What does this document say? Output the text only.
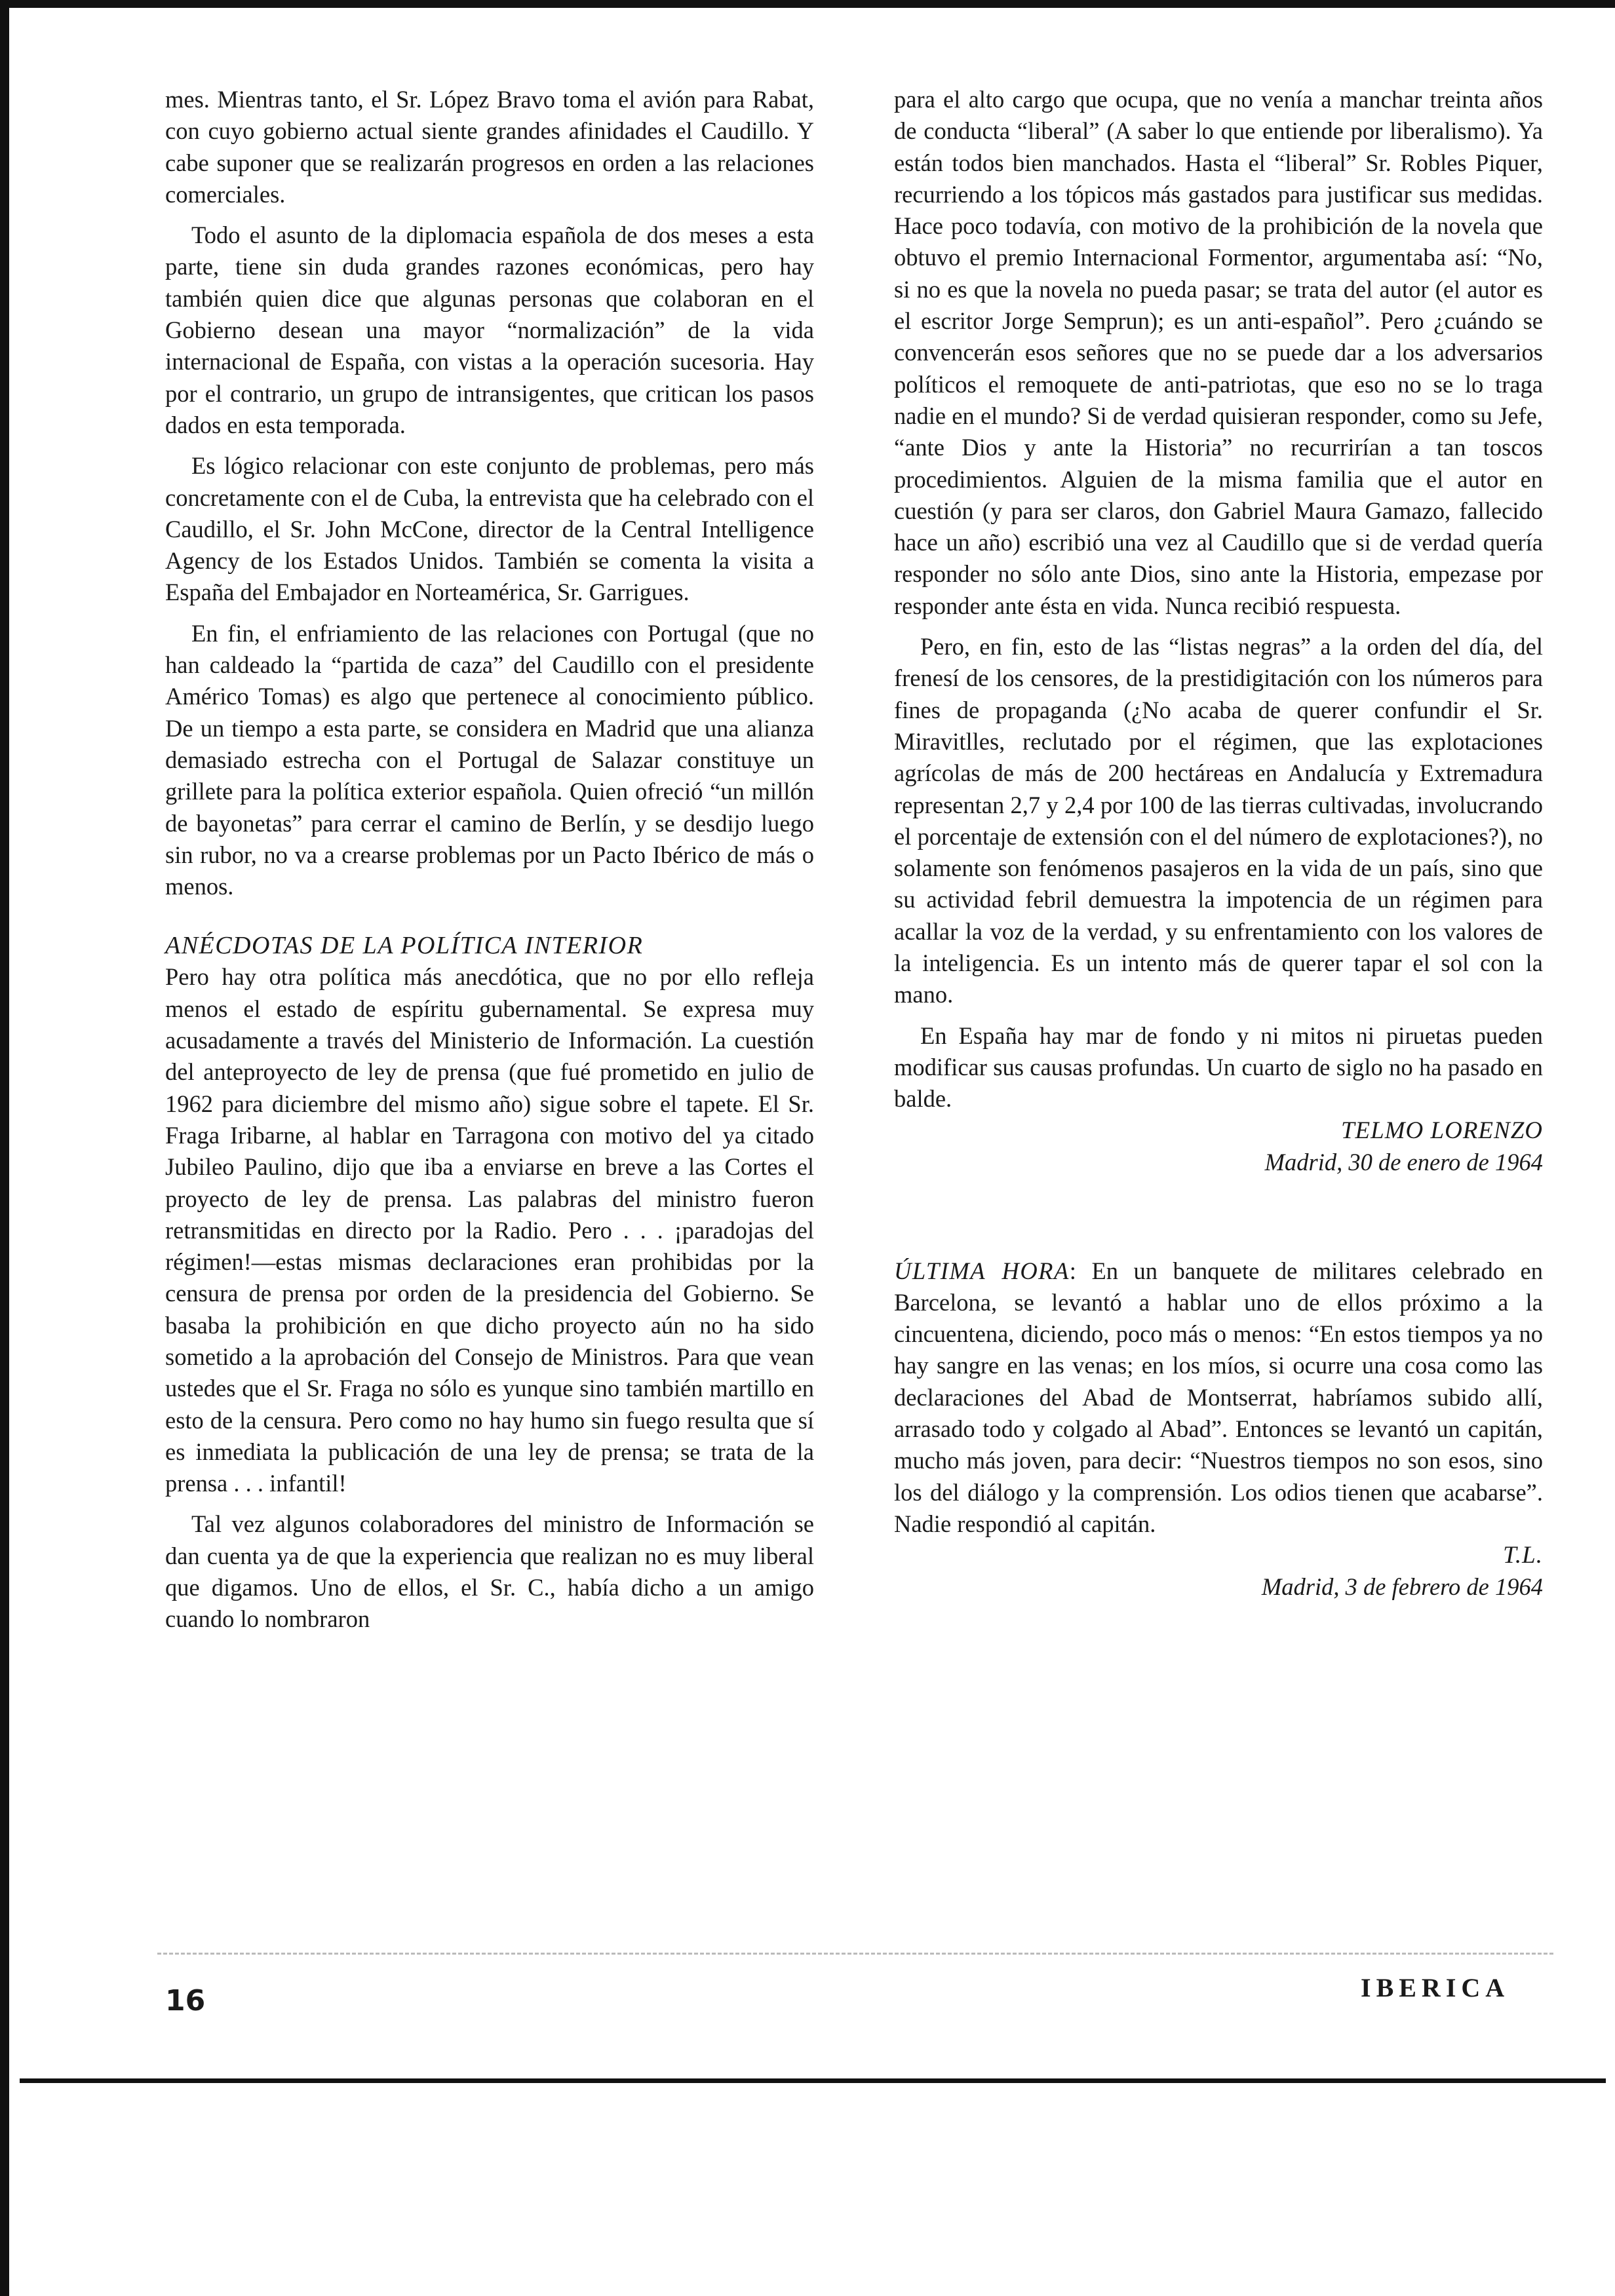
mes. Mientras tanto, el Sr. López Bravo toma el avión para Rabat, con cuyo gobierno actual siente grandes afinidades el Caudillo. Y cabe suponer que se realizarán progresos en orden a las relaciones comerciales.

Todo el asunto de la diplomacia española de dos meses a esta parte, tiene sin duda grandes razones económicas, pero hay también quien dice que algunas personas que colaboran en el Gobierno desean una mayor “normalización” de la vida internacional de España, con vistas a la operación sucesoria. Hay por el contrario, un grupo de intransigentes, que critican los pasos dados en esta temporada.

Es lógico relacionar con este conjunto de problemas, pero más concretamente con el de Cuba, la entrevista que ha celebrado con el Caudillo, el Sr. John McCone, director de la Central Intelligence Agency de los Estados Unidos. También se comenta la visita a España del Embajador en Norteamérica, Sr. Garrigues.

En fin, el enfriamiento de las relaciones con Portugal (que no han caldeado la “partida de caza” del Caudillo con el presidente Américo Tomas) es algo que pertenece al conocimiento público. De un tiempo a esta parte, se considera en Madrid que una alianza demasiado estrecha con el Portugal de Salazar constituye un grillete para la política exterior española. Quien ofreció “un millón de bayonetas” para cerrar el camino de Berlín, y se desdijo luego sin rubor, no va a crearse problemas por un Pacto Ibérico de más o menos.

ANÉCDOTAS DE LA POLÍTICA INTERIOR

Pero hay otra política más anecdótica, que no por ello refleja menos el estado de espíritu gubernamental. Se expresa muy acusadamente a través del Ministerio de Información. La cuestión del anteproyecto de ley de prensa (que fué prometido en julio de 1962 para diciembre del mismo año) sigue sobre el tapete. El Sr. Fraga Iribarne, al hablar en Tarragona con motivo del ya citado Jubileo Paulino, dijo que iba a enviarse en breve a las Cortes el proyecto de ley de prensa. Las palabras del ministro fueron retransmitidas en directo por la Radio. Pero . . . ¡paradojas del régimen!—estas mismas declaraciones eran prohibidas por la censura de prensa por orden de la presidencia del Gobierno. Se basaba la prohibición en que dicho proyecto aún no ha sido sometido a la aprobación del Consejo de Ministros. Para que vean ustedes que el Sr. Fraga no sólo es yunque sino también martillo en esto de la censura. Pero como no hay humo sin fuego resulta que sí es inmediata la publicación de una ley de prensa; se trata de la prensa . . . infantil!

Tal vez algunos colaboradores del ministro de Información se dan cuenta ya de que la experiencia que realizan no es muy liberal que digamos. Uno de ellos, el Sr. C., había dicho a un amigo cuando lo nombraron

para el alto cargo que ocupa, que no venía a manchar treinta años de conducta “liberal” (A saber lo que entiende por liberalismo). Ya están todos bien manchados. Hasta el “liberal” Sr. Robles Piquer, recurriendo a los tópicos más gastados para justificar sus medidas. Hace poco todavía, con motivo de la prohibición de la novela que obtuvo el premio Internacional Formentor, argumentaba así: “No, si no es que la novela no pueda pasar; se trata del autor (el autor es el escritor Jorge Semprun); es un anti-español”. Pero ¿cuándo se convencerán esos señores que no se puede dar a los adversarios políticos el remoquete de anti-patriotas, que eso no se lo traga nadie en el mundo? Si de verdad quisieran responder, como su Jefe, “ante Dios y ante la Historia” no recurrirían a tan toscos procedimientos. Alguien de la misma familia que el autor en cuestión (y para ser claros, don Gabriel Maura Gamazo, fallecido hace un año) escribió una vez al Caudillo que si de verdad quería responder no sólo ante Dios, sino ante la Historia, empezase por responder ante ésta en vida. Nunca recibió respuesta.

Pero, en fin, esto de las “listas negras” a la orden del día, del frenesí de los censores, de la prestidigitación con los números para fines de propaganda (¿No acaba de querer confundir el Sr. Miravitlles, reclutado por el régimen, que las explotaciones agrícolas de más de 200 hectáreas en Andalucía y Extremadura representan 2,7 y 2,4 por 100 de las tierras cultivadas, involucrando el porcentaje de extensión con el del número de explotaciones?), no solamente son fenómenos pasajeros en la vida de un país, sino que su actividad febril demuestra la impotencia de un régimen para acallar la voz de la verdad, y su enfrentamiento con los valores de la inteligencia. Es un intento más de querer tapar el sol con la mano.

En España hay mar de fondo y ni mitos ni piruetas pueden modificar sus causas profundas. Un cuarto de siglo no ha pasado en balde.

TELMO LORENZO
Madrid, 30 de enero de 1964

ÚLTIMA HORA: En un banquete de militares celebrado en Barcelona, se levantó a hablar uno de ellos próximo a la cincuentena, diciendo, poco más o menos: “En estos tiempos ya no hay sangre en las venas; en los míos, si ocurre una cosa como las declaraciones del Abad de Montserrat, habríamos subido allí, arrasado todo y colgado al Abad”. Entonces se levantó un capitán, mucho más joven, para decir: “Nuestros tiempos no son esos, sino los del diálogo y la comprensión. Los odios tienen que acabarse”. Nadie respondió al capitán.

T.L.
Madrid, 3 de febrero de 1964
16	IBERICA
